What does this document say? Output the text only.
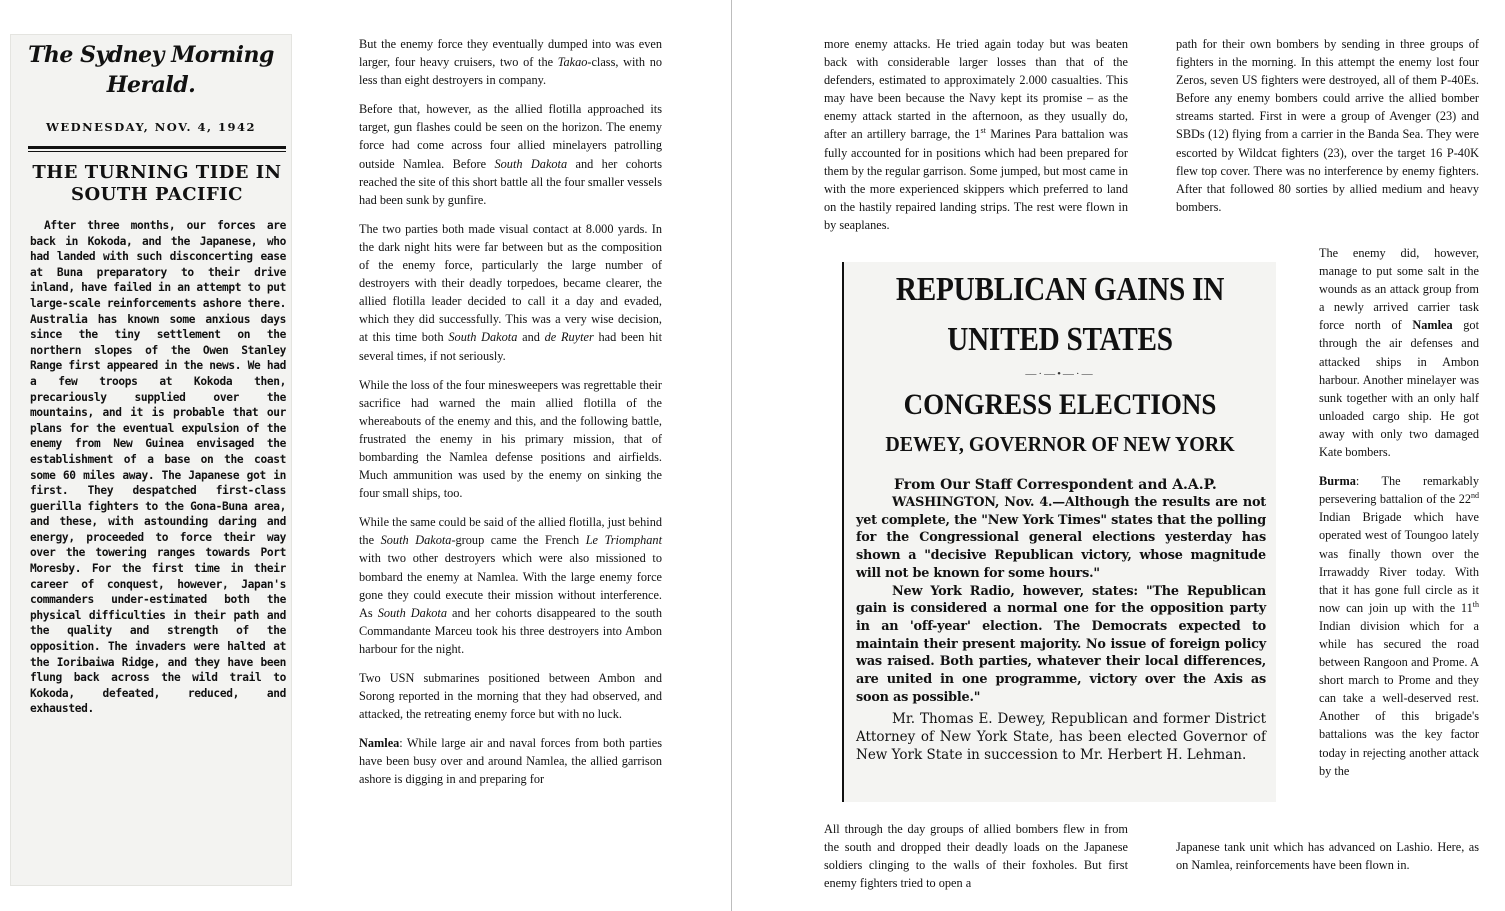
The Sydney Morning
Herald.
WEDNESDAY, NOV. 4, 1942
THE TURNING TIDE IN
SOUTH PACIFIC
After three months, our forces are back in Kokoda, and the Japanese, who had landed with such disconcerting ease at Buna preparatory to their drive inland, have failed in an attempt to put large-scale reinforcements ashore there. Australia has known some anxious days since the tiny settlement on the northern slopes of the Owen Stanley Range first appeared in the news. We had a few troops at Kokoda then, precariously supplied over the mountains, and it is probable that our plans for the eventual expulsion of the enemy from New Guinea envisaged the establishment of a base on the coast some 60 miles away. The Japanese got in first. They despatched first-class guerilla fighters to the Gona-Buna area, and these, with astounding daring and energy, proceeded to force their way over the towering ranges towards Port Moresby. For the first time in their career of conquest, however, Japan's commanders under-estimated both the physical difficulties in their path and the quality and strength of the opposition. The invaders were halted at the Ioribaiwa Ridge, and they have been flung back across the wild trail to Kokoda, defeated, reduced, and exhausted.

But the enemy force they eventually dumped into was even larger, four heavy cruisers, two of the Takao-class, with no less than eight destroyers in company.

Before that, however, as the allied flotilla approached its target, gun flashes could be seen on the horizon. The enemy force had come across four allied minelayers patrolling outside Namlea. Before South Dakota and her cohorts reached the site of this short battle all the four smaller vessels had been sunk by gunfire.

The two parties both made visual contact at 8.000 yards. In the dark night hits were far between but as the composition of the enemy force, particularly the large number of destroyers with their deadly torpedoes, became clearer, the allied flotilla leader decided to call it a day and evaded, which they did successfully. This was a very wise decision, at this time both South Dakota and de Ruyter had been hit several times, if not seriously.

While the loss of the four minesweepers was regrettable their sacrifice had warned the main allied flotilla of the whereabouts of the enemy and this, and the following battle, frustrated the enemy in his primary mission, that of bombarding the Namlea defense positions and airfields. Much ammunition was used by the enemy on sinking the four small ships, too.

While the same could be said of the allied flotilla, just behind the South Dakota-group came the French Le Triomphant with two other destroyers which were also missioned to bombard the enemy at Namlea. With the large enemy force gone they could execute their mission without interference. As South Dakota and her cohorts disappeared to the south Commandante Marceu took his three destroyers into Ambon harbour for the night.

Two USN submarines positioned between Ambon and Sorong reported in the morning that they had observed, and attacked, the retreating enemy force but with no luck.

Namlea: While large air and naval forces from both parties have been busy over and around Namlea, the allied garrison ashore is digging in and preparing for

more enemy attacks. He tried again today but was beaten back with considerable larger losses than that of the defenders, estimated to approximately 2.000 casualties. This may have been because the Navy kept its promise – as the enemy attack started in the afternoon, as they usually do, after an artillery barrage, the 1st Marines Para battalion was fully accounted for in positions which had been prepared for them by the regular garrison. Some jumped, but most came in with the more experienced skippers which preferred to land on the hastily repaired landing strips. The rest were flown in by seaplanes.

path for their own bombers by sending in three groups of fighters in the morning. In this attempt the enemy lost four Zeros, seven US fighters were destroyed, all of them P-40Es. Before any enemy bombers could arrive the allied bomber streams started. First in were a group of Avenger (23) and SBDs (12) flying from a carrier in the Banda Sea. They were escorted by Wildcat fighters (23), over the target 16 P-40K flew top cover. There was no interference by enemy fighters. After that followed 80 sorties by allied medium and heavy bombers.

REPUBLICAN GAINS IN
UNITED STATES
—·—•—·—
CONGRESS ELECTIONS
DEWEY, GOVERNOR OF NEW YORK
From Our Staff Correspondent and A.A.P.
WASHINGTON, Nov. 4.—Although the results are not yet complete, the "New York Times" states that the polling for the Congressional general elections yesterday has shown a "decisive Republican victory, whose magnitude will not be known for some hours."
New York Radio, however, states: "The Republican gain is considered a normal one for the opposition party in an 'off-year' election. The Democrats expected to maintain their present majority. No issue of foreign policy was raised. Both parties, whatever their local differences, are united in one programme, victory over the Axis as soon as possible."
Mr. Thomas E. Dewey, Republican and former District Attorney of New York State, has been elected Governor of New York State in succession to Mr. Herbert H. Lehman.

The enemy did, however, manage to put some salt in the wounds as an attack group from a newly arrived carrier task force north of Namlea got through the air defenses and attacked ships in Ambon harbour. Another minelayer was sunk together with an only half unloaded cargo ship. He got away with only two damaged Kate bombers.

Burma: The remarkably persevering battalion of the 22nd Indian Brigade which have operated west of Toungoo lately was finally thown over the Irrawaddy River today. With that it has gone full circle as it now can join up with the 11th Indian division which for a while has secured the road between Rangoon and Prome. A short march to Prome and they can take a well-deserved rest. Another of this brigade's battalions was the key factor today in rejecting another attack by the

All through the day groups of allied bombers flew in from the south and dropped their deadly loads on the Japanese soldiers clinging to the walls of their foxholes. But first enemy fighters tried to open a

Japanese tank unit which has advanced on Lashio. Here, as on Namlea, reinforcements have been flown in.
